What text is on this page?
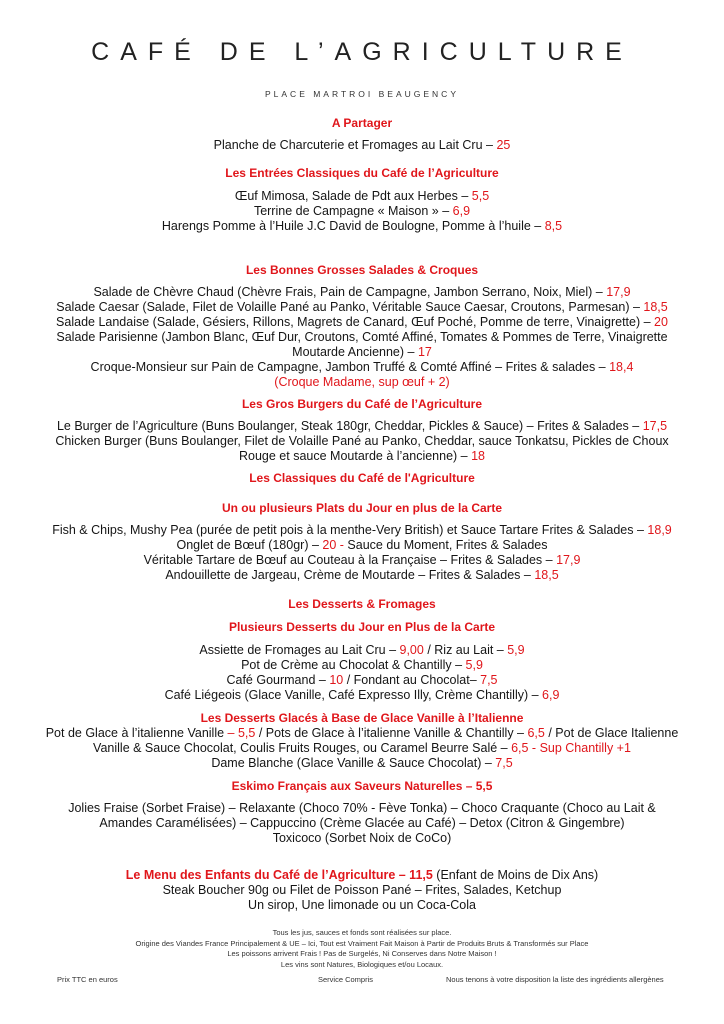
CAFÉ DE L’AGRICULTURE
PLACE MARTROI BEAUGENCY
A Partager
Planche de Charcuterie et Fromages au Lait Cru – 25
Les Entrées Classiques du Café de l’Agriculture
Œuf Mimosa, Salade de Pdt aux Herbes – 5,5
Terrine de Campagne « Maison » – 6,9
Harengs Pomme à l’Huile J.C David de Boulogne, Pomme à l’huile – 8,5
Les Bonnes Grosses Salades & Croques
Salade de Chèvre Chaud (Chèvre Frais, Pain de Campagne, Jambon Serrano, Noix, Miel) – 17,9
Salade Caesar (Salade, Filet de Volaille Pané au Panko, Véritable Sauce Caesar, Croutons, Parmesan) – 18,5
Salade Landaise (Salade, Gésiers, Rillons, Magrets de Canard, Œuf Poché, Pomme de terre, Vinaigrette) – 20
Salade Parisienne (Jambon Blanc, Œuf Dur, Croutons, Comté Affiné, Tomates & Pommes de Terre, Vinaigrette
Moutarde Ancienne) – 17
Croque-Monsieur sur Pain de Campagne, Jambon Truffé & Comté Affiné – Frites & salades – 18,4
(Croque Madame, sup œuf + 2)
Les Gros Burgers du Café de l’Agriculture
Le Burger de l’Agriculture (Buns Boulanger, Steak 180gr, Cheddar, Pickles & Sauce) – Frites & Salades – 17,5
Chicken Burger (Buns Boulanger, Filet de Volaille Pané au Panko, Cheddar, sauce Tonkatsu, Pickles de Choux
Rouge et sauce Moutarde à l’ancienne) – 18
Les Classiques du Café de l'Agriculture
Un ou plusieurs Plats du Jour en plus de la Carte
Fish & Chips, Mushy Pea (purée de petit pois à la menthe-Very British) et Sauce Tartare Frites & Salades – 18,9
Onglet de Bœuf (180gr) – 20 - Sauce du Moment, Frites & Salades
Véritable Tartare de Bœuf au Couteau à la Française – Frites & Salades – 17,9
Andouillette de Jargeau, Crème de Moutarde – Frites & Salades – 18,5
Les Desserts & Fromages
Plusieurs Desserts du Jour en Plus de la Carte
Assiette de Fromages au Lait Cru – 9,00 / Riz au Lait – 5,9
Pot de Crème au Chocolat & Chantilly – 5,9
Café Gourmand – 10 / Fondant au Chocolat– 7,5
Café Liégeois (Glace Vanille, Café Expresso Illy, Crème Chantilly) – 6,9
Les Desserts Glacés à Base de Glace Vanille à l’Italienne
Pot de Glace à l’italienne Vanille – 5,5 / Pots de Glace à l’italienne Vanille & Chantilly – 6,5 / Pot de Glace Italienne
Vanille & Sauce Chocolat, Coulis Fruits Rouges, ou Caramel Beurre Salé – 6,5 - Sup Chantilly +1
Dame Blanche (Glace Vanille & Sauce Chocolat) – 7,5
Eskimo Français aux Saveurs Naturelles – 5,5
Jolies Fraise (Sorbet Fraise) – Relaxante (Choco 70% - Fève Tonka) – Choco Craquante (Choco au Lait &
Amandes Caramélisées) – Cappuccino (Crème Glacée au Café) – Detox (Citron & Gingembre)
Toxicoco (Sorbet Noix de CoCo)
Le Menu des Enfants du Café de l’Agriculture – 11,5 (Enfant de Moins de Dix Ans)
Steak Boucher 90g ou Filet de Poisson Pané – Frites, Salades, Ketchup
Un sirop, Une limonade ou un Coca-Cola
Tous les jus, sauces et fonds sont réalisées sur place.
Origine des Viandes France Principalement & UE – Ici, Tout est Vraiment Fait Maison à Partir de Produits Bruts & Transformés sur Place
Les poissons arrivent Frais ! Pas de Surgelés, Ni Conserves dans Notre Maison !
Les vins sont Natures, Biologiques et/ou Locaux.
Prix TTC en euros	Service Compris	Nous tenons à votre disposition la liste des ingrédients allergènes
